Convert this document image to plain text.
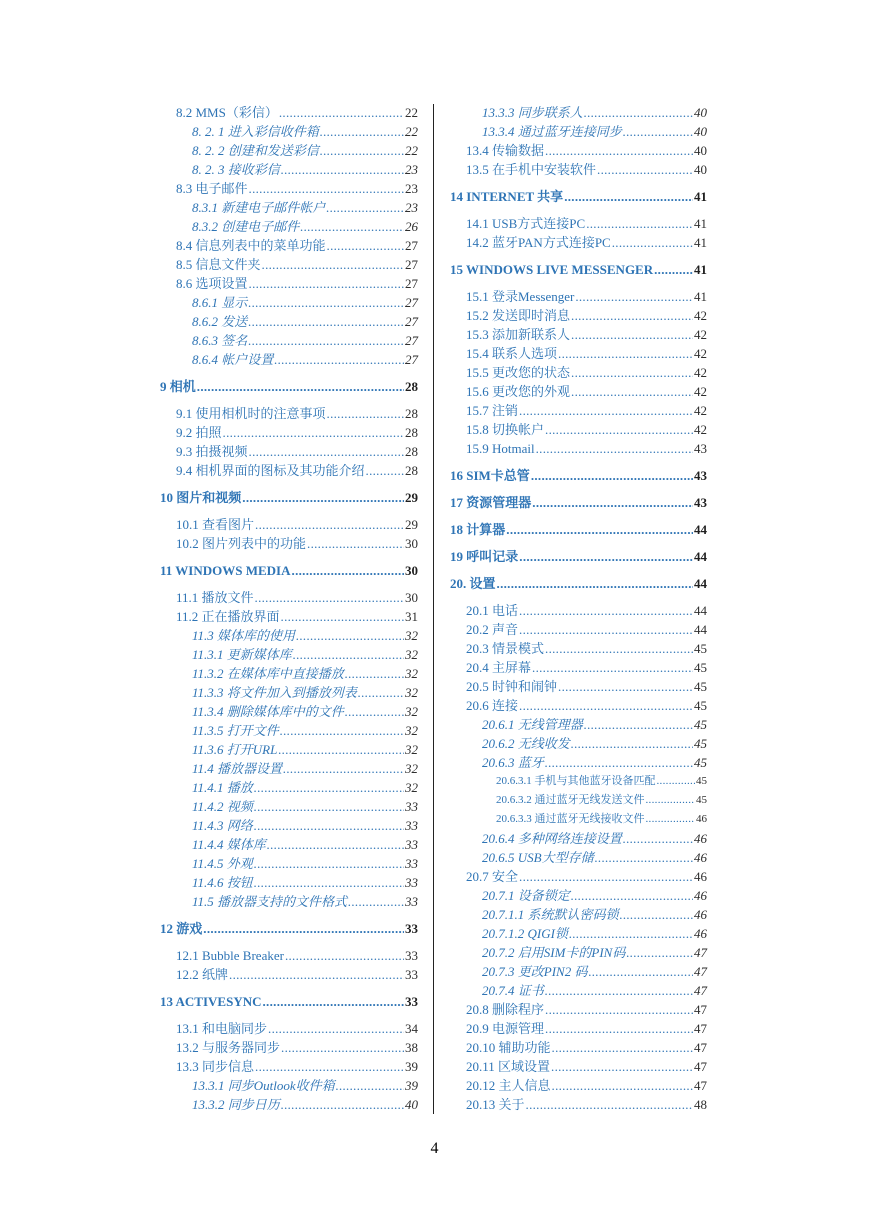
8.2 MMS（彩信） .....	22
8. 2. 1 进入彩信收件箱 .....	22
8. 2. 2 创建和发送彩信 .....	22
8. 2. 3 接收彩信 .....	23
8.3 电子邮件 .....	23
8.3.1 新建电子邮件帐户 .....	23
8.3.2 创建电子邮件 .....	26
8.4 信息列表中的菜单功能 .....	27
8.5 信息文件夹 .....	27
8.6 选项设置 .....	27
8.6.1 显示 .....	27
8.6.2 发送 .....	27
8.6.3 签名 .....	27
8.6.4 帐户设置 .....	27
9 相机 .....	28
9.1 使用相机时的注意事项 .....	28
9.2 拍照 .....	28
9.3 拍摄视频 .....	28
9.4 相机界面的图标及其功能介绍 .....	28
10 图片和视频 .....	29
10.1 查看图片 .....	29
10.2 图片列表中的功能 .....	30
11 WINDOWS MEDIA .....	30
11.1 播放文件 .....	30
11.2 正在播放界面 .....	31
11.3 媒体库的使用 .....	32
11.3.1 更新媒体库 .....	32
11.3.2 在媒体库中直接播放 .....	32
11.3.3 将文件加入到播放列表 .....	32
11.3.4 删除媒体库中的文件 .....	32
11.3.5 打开文件 .....	32
11.3.6 打开URL .....	32
11.4 播放器设置 .....	32
11.4.1 播放 .....	32
11.4.2 视频 .....	33
11.4.3 网络 .....	33
11.4.4 媒体库 .....	33
11.4.5 外观 .....	33
11.4.6 按钮 .....	33
11.5 播放器支持的文件格式 .....	33
12 游戏 .....	33
12.1 Bubble Breaker .....	33
12.2 纸牌 .....	33
13 ACTIVESYNC .....	33
13.1 和电脑同步 .....	34
13.2 与服务器同步 .....	38
13.3 同步信息 .....	39
13.3.1 同步Outlook收件箱 .....	39
13.3.2 同步日历 .....	40
13.3.3 同步联系人 .....	40
13.3.4 通过蓝牙连接同步 .....	40
13.4 传输数据 .....	40
13.5 在手机中安装软件 .....	40
14 INTERNET 共享 .....	41
14.1 USB方式连接PC .....	41
14.2 蓝牙PAN方式连接PC .....	41
15 WINDOWS LIVE MESSENGER .....	41
15.1 登录Messenger .....	41
15.2 发送即时消息 .....	42
15.3 添加新联系人 .....	42
15.4 联系人选项 .....	42
15.5 更改您的状态 .....	42
15.6 更改您的外观 .....	42
15.7 注销 .....	42
15.8 切换帐户 .....	42
15.9 Hotmail .....	43
16 SIM卡总管 .....	43
17 资源管理器 .....	43
18 计算器 .....	44
19 呼叫记录 .....	44
20. 设置 .....	44
20.1 电话 .....	44
20.2 声音 .....	44
20.3 情景模式 .....	45
20.4 主屏幕 .....	45
20.5 时钟和闹钟 .....	45
20.6 连接 .....	45
20.6.1 无线管理器 .....	45
20.6.2 无线收发 .....	45
20.6.3 蓝牙 .....	45
20.6.3.1 手机与其他蓝牙设备匹配 .....	45
20.6.3.2 通过蓝牙无线发送文件 .....	45
20.6.3.3 通过蓝牙无线接收文件 .....	46
20.6.4 多种网络连接设置 .....	46
20.6.5 USB大型存储 .....	46
20.7 安全 .....	46
20.7.1 设备锁定 .....	46
20.7.1.1 系统默认密码锁 .....	46
20.7.1.2 QIGI锁 .....	46
20.7.2 启用SIM卡的PIN码 .....	47
20.7.3 更改PIN2 码 .....	47
20.7.4 证书 .....	47
20.8 删除程序 .....	47
20.9 电源管理 .....	47
20.10 辅助功能 .....	47
20.11 区域设置 .....	47
20.12 主人信息 .....	47
20.13 关于 .....	48
4
